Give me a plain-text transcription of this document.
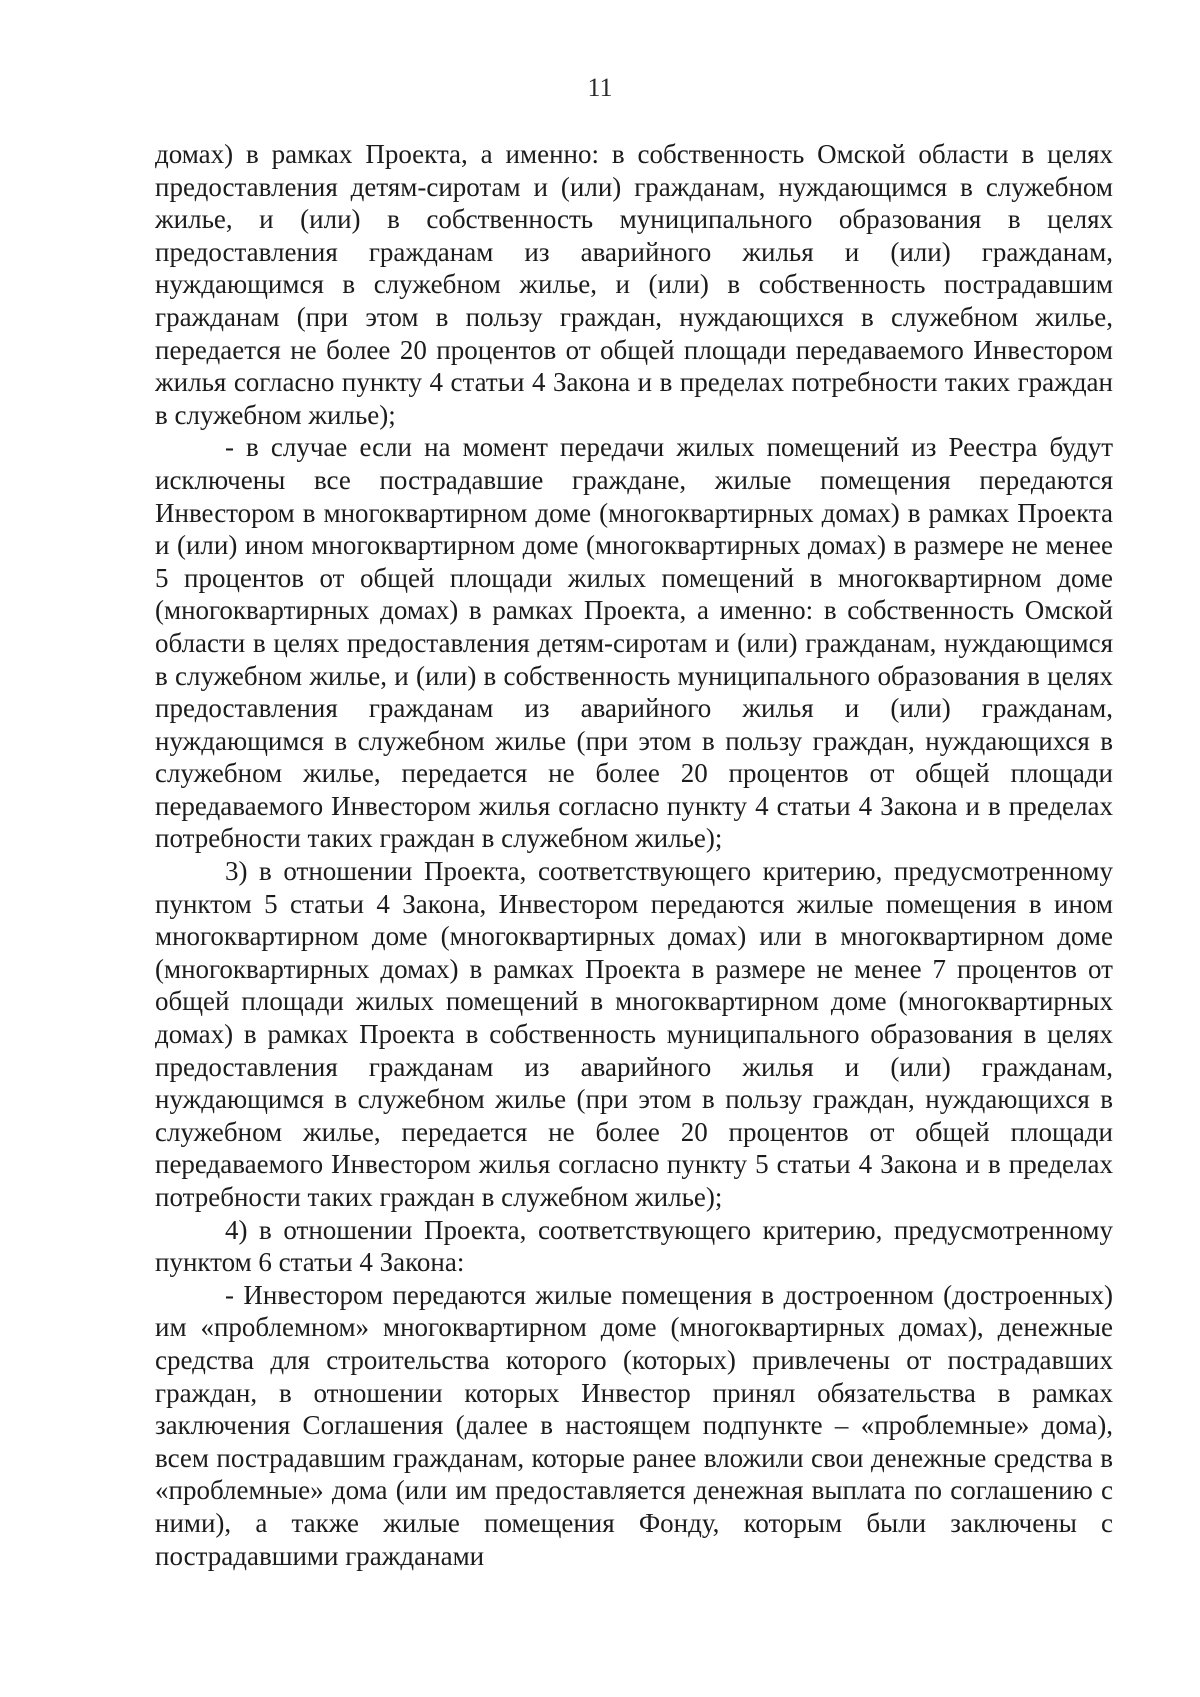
11

домах) в рамках Проекта, а именно: в собственность Омской области в целях предоставления детям-сиротам и (или) гражданам, нуждающимся в служебном жилье, и (или) в собственность муниципального образования в целях предоставления гражданам из аварийного жилья и (или) гражданам, нуждающимся в служебном жилье, и (или) в собственность пострадавшим гражданам (при этом в пользу граждан, нуждающихся в служебном жилье, передается не более 20 процентов от общей площади передаваемого Инвестором жилья согласно пункту 4 статьи 4 Закона и в пределах потребности таких граждан в служебном жилье);

- в случае если на момент передачи жилых помещений из Реестра будут исключены все пострадавшие граждане, жилые помещения передаются Инвестором в многоквартирном доме (многоквартирных домах) в рамках Проекта и (или) ином многоквартирном доме (многоквартирных домах) в размере не менее 5 процентов от общей площади жилых помещений в многоквартирном доме (многоквартирных домах) в рамках Проекта, а именно: в собственность Омской области в целях предоставления детям-сиротам и (или) гражданам, нуждающимся в служебном жилье, и (или) в собственность муниципального образования в целях предоставления гражданам из аварийного жилья и (или) гражданам, нуждающимся в служебном жилье (при этом в пользу граждан, нуждающихся в служебном жилье, передается не более 20 процентов от общей площади передаваемого Инвестором жилья согласно пункту 4 статьи 4 Закона и в пределах потребности таких граждан в служебном жилье);

3) в отношении Проекта, соответствующего критерию, предусмотренному пунктом 5 статьи 4 Закона, Инвестором передаются жилые помещения в ином многоквартирном доме (многоквартирных домах) или в многоквартирном доме (многоквартирных домах) в рамках Проекта в размере не менее 7 процентов от общей площади жилых помещений в многоквартирном доме (многоквартирных домах) в рамках Проекта в собственность муниципального образования в целях предоставления гражданам из аварийного жилья и (или) гражданам, нуждающимся в служебном жилье (при этом в пользу граждан, нуждающихся в служебном жилье, передается не более 20 процентов от общей площади передаваемого Инвестором жилья согласно пункту 5 статьи 4 Закона и в пределах потребности таких граждан в служебном жилье);

4) в отношении Проекта, соответствующего критерию, предусмотренному пунктом 6 статьи 4 Закона:

- Инвестором передаются жилые помещения в достроенном (достроенных) им «проблемном» многоквартирном доме (многоквартирных домах), денежные средства для строительства которого (которых) привлечены от пострадавших граждан, в отношении которых Инвестор принял обязательства в рамках заключения Соглашения (далее в настоящем подпункте – «проблемные» дома), всем пострадавшим гражданам, которые ранее вложили свои денежные средства в «проблемные» дома (или им предоставляется денежная выплата по соглашению с ними), а также жилые помещения Фонду, которым были заключены с пострадавшими гражданами
